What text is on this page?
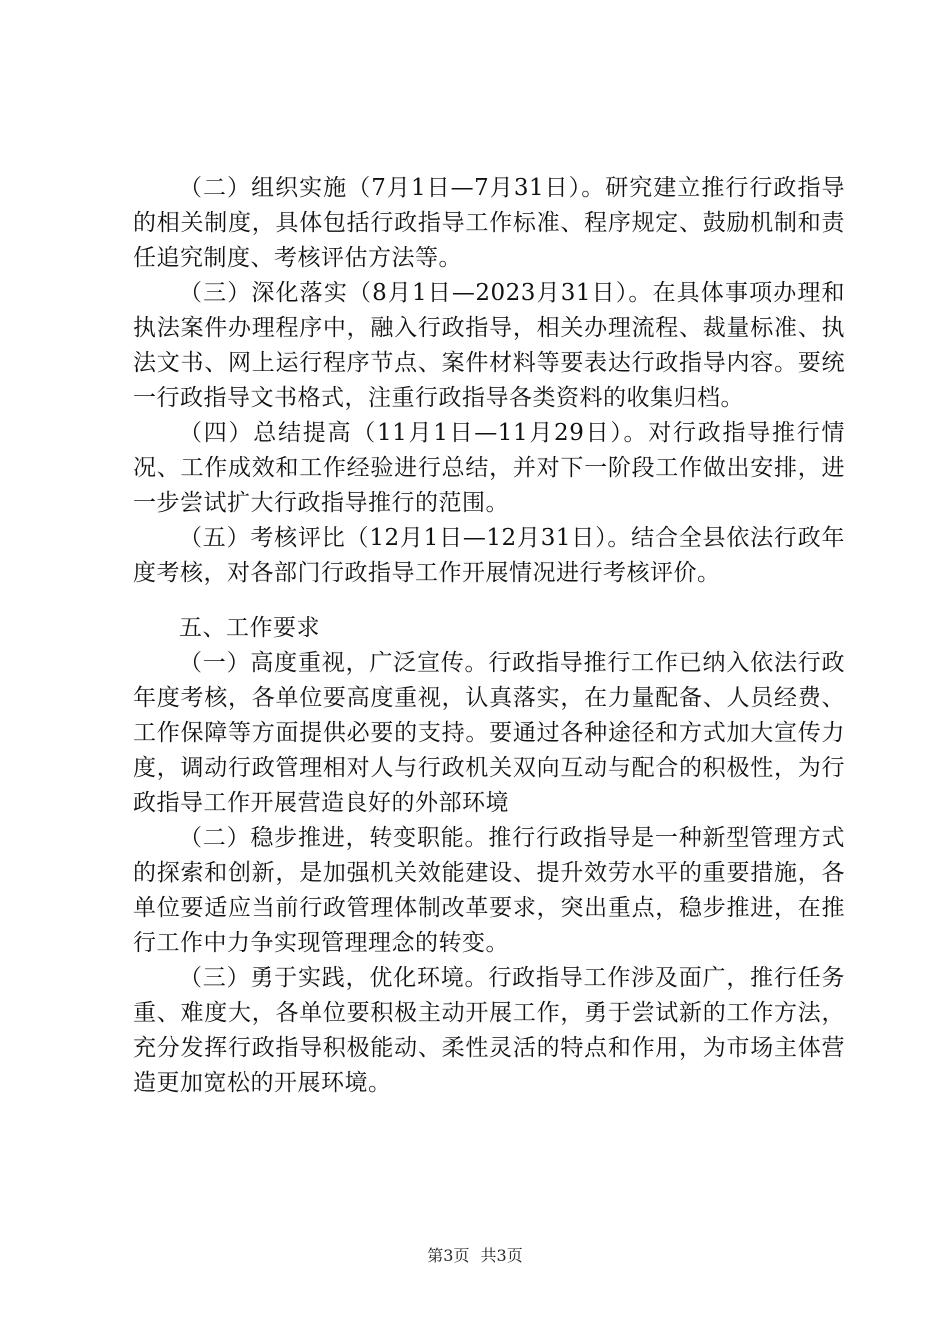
（二）组织实施（7月1日—7月31日）。研究建立推行行政指导的相关制度，具体包括行政指导工作标准、程序规定、鼓励机制和责任追究制度、考核评估方法等。

（三）深化落实（8月1日—2023月31日）。在具体事项办理和执法案件办理程序中，融入行政指导，相关办理流程、裁量标准、执法文书、网上运行程序节点、案件材料等要表达行政指导内容。要统一行政指导文书格式，注重行政指导各类资料的收集归档。

（四）总结提高（11月1日—11月29日）。对行政指导推行情况、工作成效和工作经验进行总结，并对下一阶段工作做出安排，进一步尝试扩大行政指导推行的范围。

（五）考核评比（12月1日—12月31日）。结合全县依法行政年度考核，对各部门行政指导工作开展情况进行考核评价。

五、工作要求

（一）高度重视，广泛宣传。行政指导推行工作已纳入依法行政年度考核，各单位要高度重视，认真落实，在力量配备、人员经费、工作保障等方面提供必要的支持。要通过各种途径和方式加大宣传力度，调动行政管理相对人与行政机关双向互动与配合的积极性，为行政指导工作开展营造良好的外部环境

（二）稳步推进，转变职能。推行行政指导是一种新型管理方式的探索和创新，是加强机关效能建设、提升效劳水平的重要措施，各单位要适应当前行政管理体制改革要求，突出重点，稳步推进，在推行工作中力争实现管理理念的转变。

（三）勇于实践，优化环境。行政指导工作涉及面广，推行任务重、难度大，各单位要积极主动开展工作，勇于尝试新的工作方法，充分发挥行政指导积极能动、柔性灵活的特点和作用，为市场主体营造更加宽松的开展环境。

第3页 共3页
